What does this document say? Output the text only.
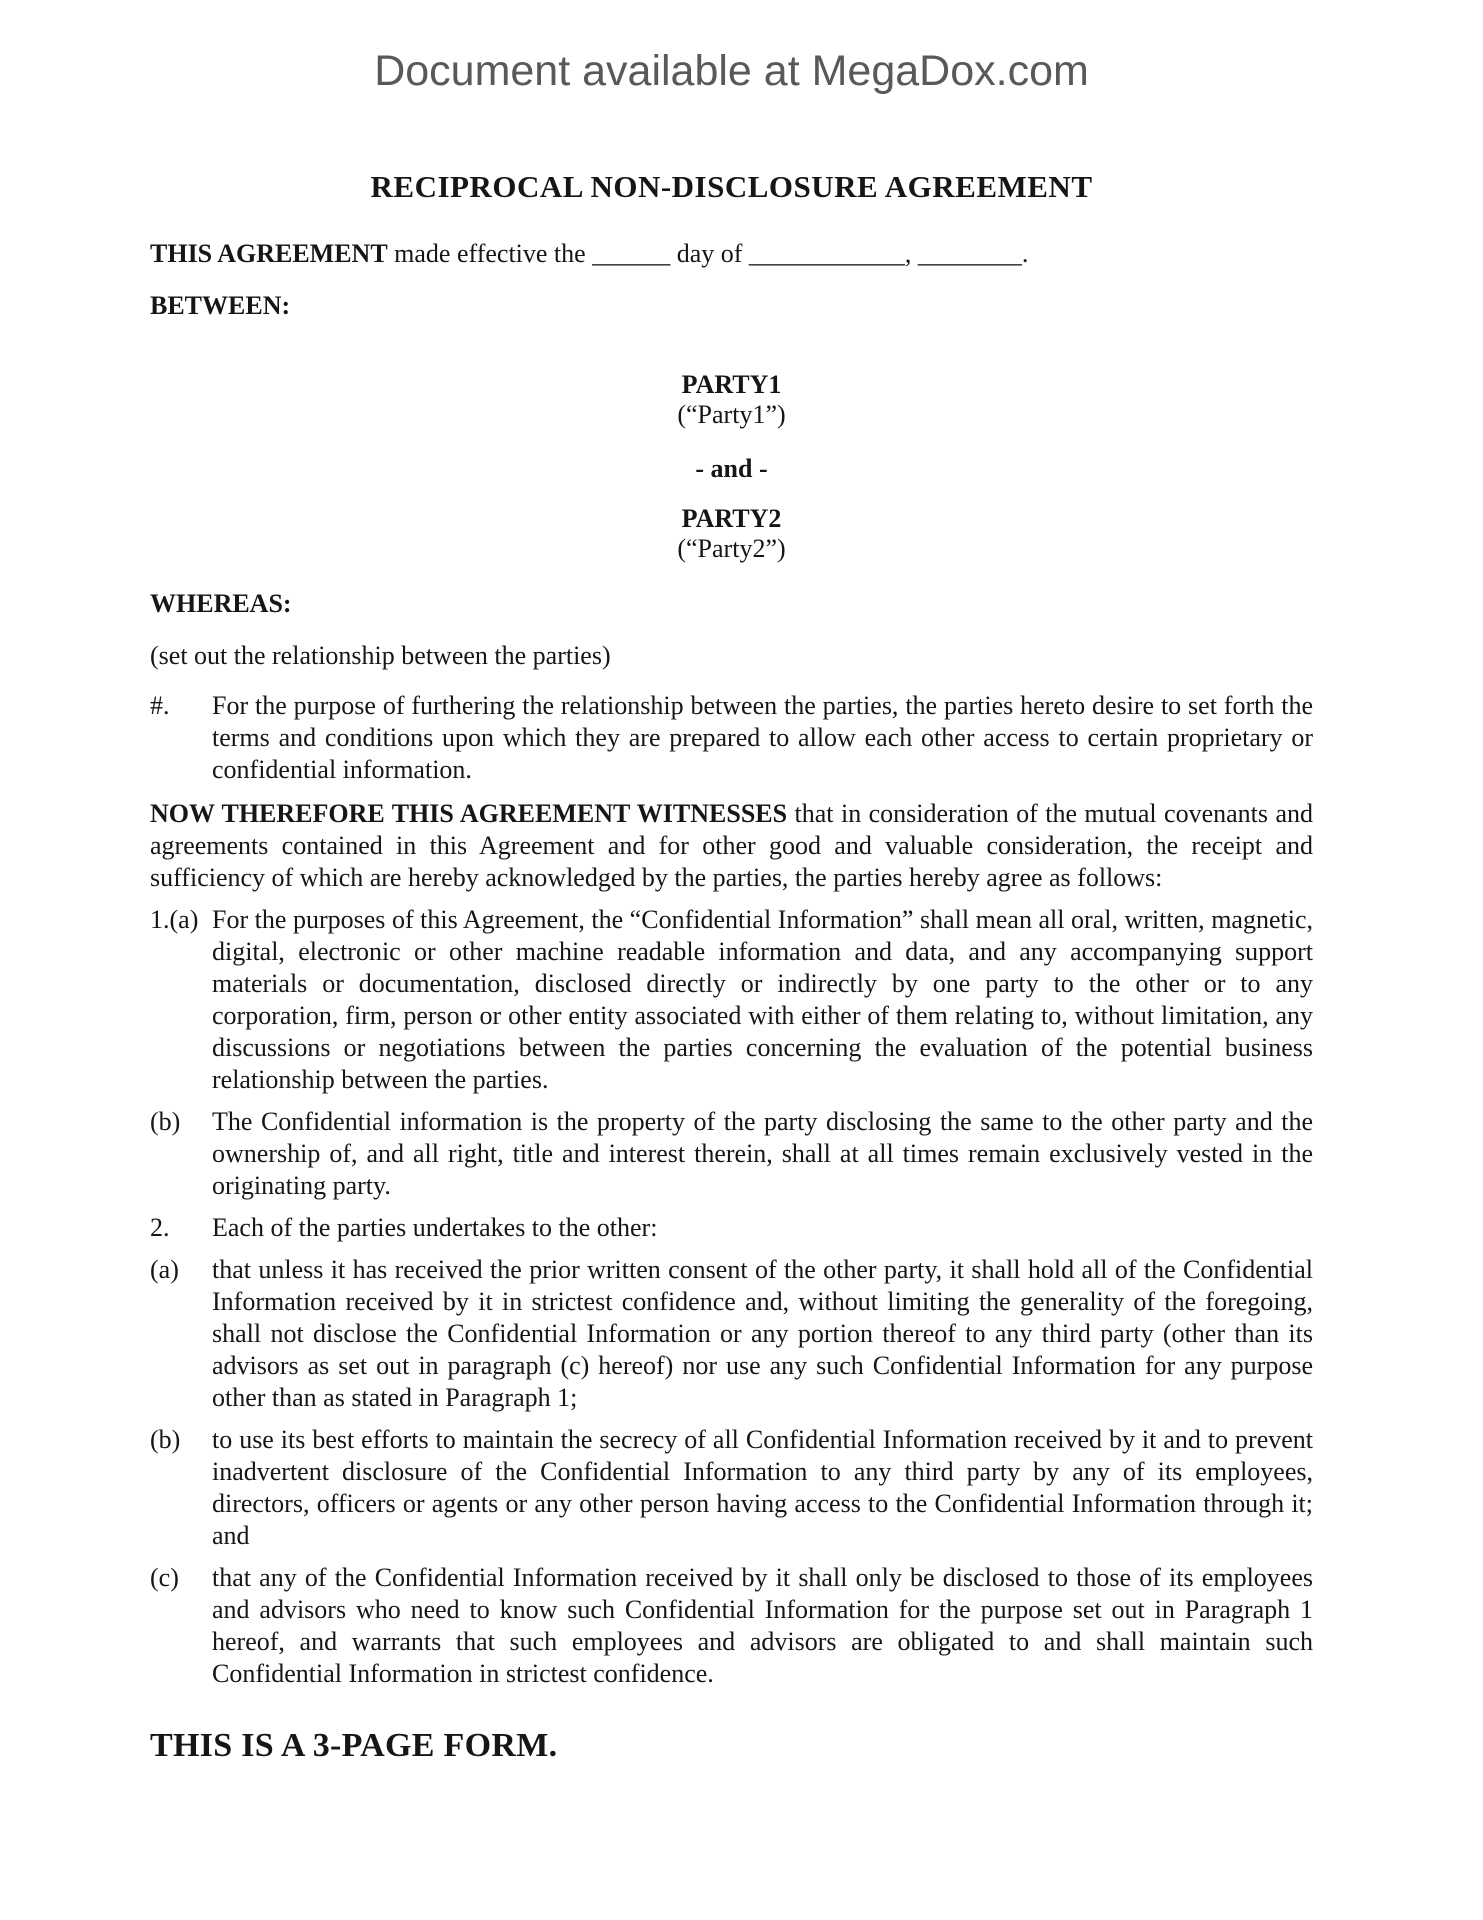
Document available at MegaDox.com
RECIPROCAL NON-DISCLOSURE AGREEMENT

THIS AGREEMENT made effective the ______ day of ____________, ________.

BETWEEN:

PARTY1

(“Party1”)

- and -

PARTY2

(“Party2”)

WHEREAS:

(set out the relationship between the parties)

#.	For the purpose of furthering the relationship between the parties, the parties hereto desire to set forth the terms and conditions upon which they are prepared to allow each other access to certain proprietary or confidential information.

NOW THEREFORE THIS AGREEMENT WITNESSES that in consideration of the mutual covenants and agreements contained in this Agreement and for other good and valuable consideration, the receipt and sufficiency of which are hereby acknowledged by the parties, the parties hereby agree as follows:

1.(a) For the purposes of this Agreement, the “Confidential Information” shall mean all oral, written, magnetic, digital, electronic or other machine readable information and data, and any accompanying support materials or documentation, disclosed directly or indirectly by one party to the other or to any corporation, firm, person or other entity associated with either of them relating to, without limitation, any discussions or negotiations between the parties concerning the evaluation of the potential business relationship between the parties.
(b)	The Confidential information is the property of the party disclosing the same to the other party and the ownership of, and all right, title and interest therein, shall at all times remain exclusively vested in the originating party.
2.	Each of the parties undertakes to the other:
(a)	that unless it has received the prior written consent of the other party, it shall hold all of the Confidential Information received by it in strictest confidence and, without limiting the generality of the foregoing, shall not disclose the Confidential Information or any portion thereof to any third party (other than its advisors as set out in paragraph (c) hereof) nor use any such Confidential Information for any purpose other than as stated in Paragraph 1;
(b)	to use its best efforts to maintain the secrecy of all Confidential Information received by it and to prevent inadvertent disclosure of the Confidential Information to any third party by any of its employees, directors, officers or agents or any other person having access to the Confidential Information through it; and
(c)	that any of the Confidential Information received by it shall only be disclosed to those of its employees and advisors who need to know such Confidential Information for the purpose set out in Paragraph 1 hereof, and warrants that such employees and advisors are obligated to and shall maintain such Confidential Information in strictest confidence.

THIS IS A 3-PAGE FORM.
